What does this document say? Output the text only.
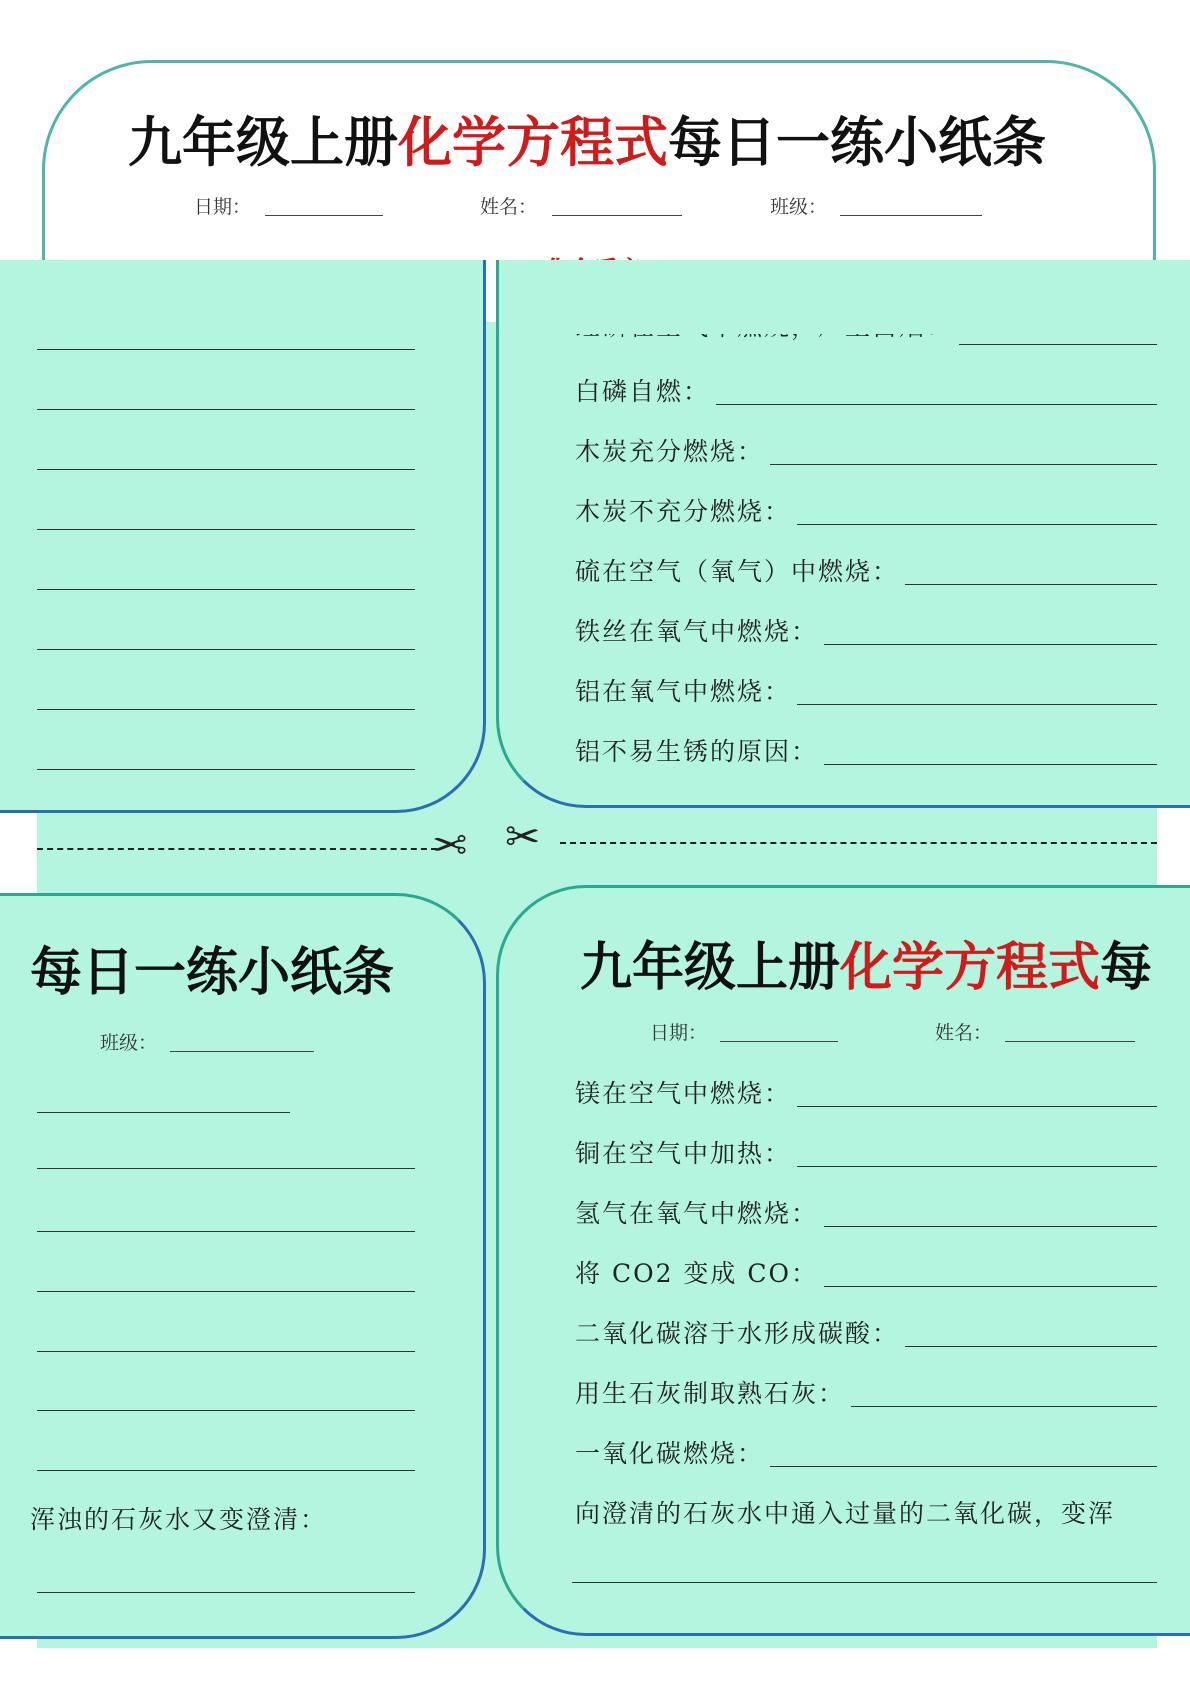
九年级上册化学方程式每日一练小纸条
日期：	姓名：	班级：
白磷自燃：
木炭充分燃烧：
木炭不充分燃烧：
硫在空气（氧气）中燃烧：
铁丝在氧气中燃烧：
铝在氧气中燃烧：
铝不易生锈的原因：
✂ ✂
每日一练小纸条
班级：
浑浊的石灰水又变澄清：
九年级上册化学方程式每
日期：	姓名：
镁在空气中燃烧：
铜在空气中加热：
氢气在氧气中燃烧：
将 CO2 变成 CO：
二氧化碳溶于水形成碳酸：
用生石灰制取熟石灰：
一氧化碳燃烧：
向澄清的石灰水中通入过量的二氧化碳，变浑
